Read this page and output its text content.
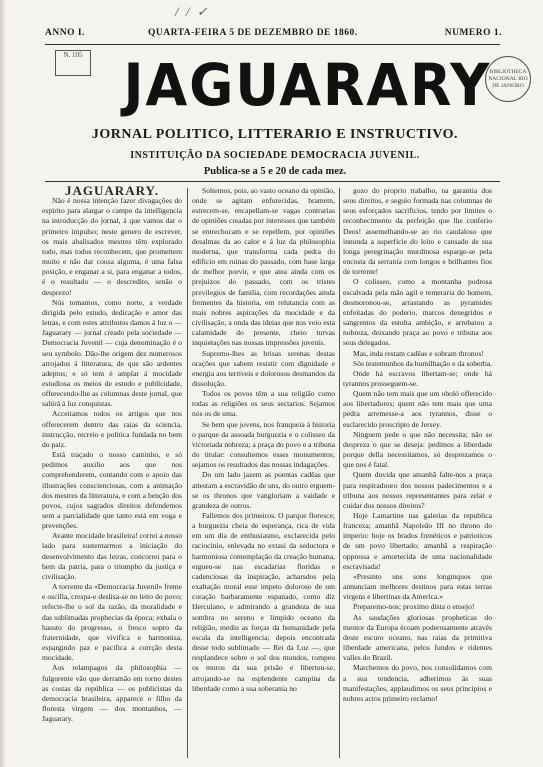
/ / ✓
ANNO I.	QUARTA-FEIRA 5 DE DEZEMBRO DE 1860.	NUMERO 1.
N. 105
BIBLIOTHECA NACIONAL RIO DE JANEIRO
JAGUARARY
JORNAL POLITICO, LITTERARIO E INSTRUCTIVO.
INSTITUIÇÃO DA SOCIEDADE DEMOCRACIA JUVENIL.
Publica-se a 5 e 20 de cada mez.

JAGUARARY.

Não é nossa intenção fazer divagações do espirito para alargar o campo da intelligencia na introducção do jornal, á que vamos dar o primeiro impulso; neste genero de escrever, os mais abalisados mestres têm explorado tudo, mas todos reconhecem, que promettem muito e não dar cousa alguma, é uma falsa posição, e enganar a si, para enganar a todos, é o resultado — o descredito, senão o desprezo!

Nós tomamos, como norte, a verdade dirigida pelo estudo, dedicação e amor das letras, e com estes attributos damos á luz o — Jaguarary — jornal creado pela sociedade — Democracia Juvenil — cuja denominação é o seu symbolo. Dão-lhe origem dez numerosos arrojados á litteratura, de que são ardentes adeptos; e só tem é amplar á mocidade estudiosa os meios de estudo e publicidade, offerecendo-lhe as columnas deste jornal, que sahirá á luz conquistas.

Acceitamos todos os artigos que nos offerecerem dentro das raias da sciencia, instrucção, recreio e politica fundada no bem do paiz.

Está traçado o nosso caminho, e só pedimos auxilio aos que nos comprehenderem, contando com o apoio das illustrações conscienciosas, com a animação dos mestres da litteratura, e com a benção dos povos, cujos sagrados direitos defendemos sem a parcialidade que tanto está em voga e prevenções.

Avante mocidade brasileira! correi a nosso lado para sustentarmos a iniciação do desenvolvimento das letras, concorrei para o bem da patria, para o triumpho da justiça e civilisação.

A torrente da «Democracia Juvenil» freme e oscilla, crespa-e deslisa-se no leito do povo; refecte-lhe o sol da razão, da moralidade e das sublimadas prophecias da época; exhala o hausto do progresso, o fresco sopro da fraternidade, que vivifica e harmonisa, espargindo paz e pacifica a corrção desta mocidade.

Aos relampagos da philosophia — fulgurente vão que derramão em torno destes as costas da república — os publicistas da democracia brasileira, apparece o filho da floresta virgem — dos montanhos, — Jaguarary.

Soltemos, pois, ao vasto oceano da opinião, onde se agitam enfurecidas, bramem, estrecem-se, encapellam-se vagas contrarias de opiniões creadas por interesses que também se entrechocam e se repellem, por opiniões desalmas da ao calor e á luz da philosophia moderna, que transforma cada pedra do edificio em ruinas do passado, com base larga de melhor porvir, e que atea ainda com os prejuizos do passado, com os tristes previlegios de familia, com recordações ainda frementes da historia, em relutancia com as mais nobres aspirações da mocidade e da civilisação, a onda das ideias que nos veio esta calamidade do presente, cheio turvas inquietações nas nossas impressões juvenis.

Supremo-lhes as brisas serenas destas orações que sabem resistir com dignidade e energia aos terriveis e dolorosos desmandos da dissolução.

Todos os povos têm a sua religião como todas as religiões os seus sectarios. Sejamos nós os de uma.

Se bem que jovens, nos franqueia á historia o parque da assoada burguezia e o colisseo da victoriada nobreza; a praça do povo e a tribuna do titular: consultemos esses monumentos; sejamos os resultados das nossas indagações.

Do um lado jazem as poentas cadêas que attestam a escravidão de uns, do outro erguem-se os thronos que vangloriam a vaidade e grandeza de outros.

Fallemos dos primeiros. O parque floresce; a burguezia cheia de esperança, rica de vida em um dia de enthusiasmo, exclarecida pelo raciocinio, enlevada no extasi da seductora e harmoniosa contemplação da creação humana, ergueu-se nas escadarias floridas e cadenciosas da inspiração, acharsdos pela exaltação moral esse impeto doloroso de um coração barbaramente espanado, como diz Herculano, e admirando a grandeza de sua sombra no sereno e limpido oceano da religião, mediu as forças da humanidade pela escala da intelligencia; depois encontrada desse todo sublimado — Rei da Luz —, que resplandece sobre o sol dos mundos, rompeu os muros da sua prisão e libertou-se, arrojando-se na esplendente campina da liberdade como a sua soberania no

gozo do proprio trabalho, na garantia dos seus direitos, e seguio formada nas columnas de seus esforçados sacrificios, tendo por limites o reconhecimento da perfeição que lhe conferio Deos! assemelhando-se ao rio caudaloso que innunda a superficie do leito e cansado de sua longa peregrinação murdinosa esparge-se pela encosta da serrania com longos e brilhantes fios de torrente!

O colisseo, como a montanha podrosa escalvada pela mão agil e temeraria do homem, desmoronou-se, arrastando as pyramides enfeitadas do poderio, marcos denegridos e sangrentos da estulta ambição, e arrebatou a nobreza, deixando praça ao povo e tribuna aos seus delegados.

Mas, inda restam cadêas e sobram thronos!

Sós testemunhos da humilhação e da soberba.

Onde há escravos libertam-se; onde há tyrannos prosseguem-se.

Quem não tem mais que um oboló offerecido aos libertadores; quem não tem mais que uma pedra arremesse-a aos tyrannos, disse o esclarecido proscripto de Jersey.

Ninguem pede o que não necessita; não se despreza o que se deseja: pedimos a liberdade porque della necessitamos, só desprezamos o que nos é fatal.

Quem duvida que amanhã falte-nos a praça para respiradouro dos nossos padecimentos e a tribuna aos nossos representantes para zelar e cuidar dos nossos direitos?

Hoje Lamartine nas galerias da republica franceza; amanhã Napoleão III no throno do imperio: hoje os brados frenéticos e patrioticos de um povo libertado; amanhã a respiração oppressa e amortecida de uma nacionalidade escravisada!

«Presinto uns sons longinquos que annunciam melhores destinos para estas terras virgens e libertinas da America.»

Preparemo-nos; proximo dista o ensejo!

As saudações gloriosas propheticas do mentor da Europa écoam poderosamente através deste escuro oceano, nas raias da primitiva liberdade americana, pelos fundos e ridentes valles do Brazil.

Marchemos do povo, nos consolidamos com a sua tendencia, adherimos ás suas manifestações, applaudimos os seus principios e nobres actos primeiro reclamo!
